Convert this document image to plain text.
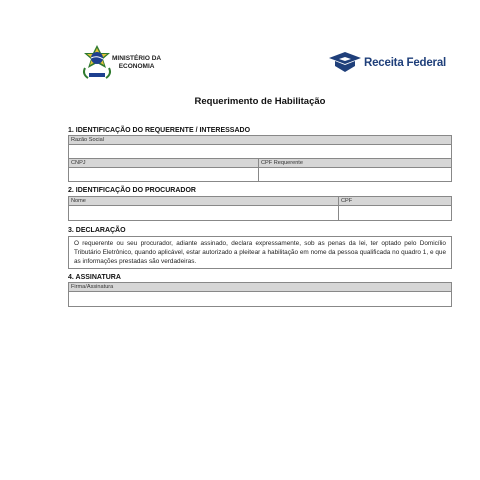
MINISTÉRIO DA
ECONOMIA	Receita Federal
Requerimento de Habilitação
1. IDENTIFICAÇÃO DO REQUERENTE / INTERESSADO
Razão Social
CNPJ	CPF Requerente
2. IDENTIFICAÇÃO DO PROCURADOR
Nome	CPF
3. DECLARAÇÃO
O requerente ou seu procurador, adiante assinado, declara expressamente, sob as penas da lei, ter optado pelo Domicílio Tributário Eletrônico, quando aplicável, estar autorizado a pleitear a habilitação em nome da pessoa qualificada no quadro 1, e que as informações prestadas são verdadeiras.
4. ASSINATURA
Firma/Assinatura
